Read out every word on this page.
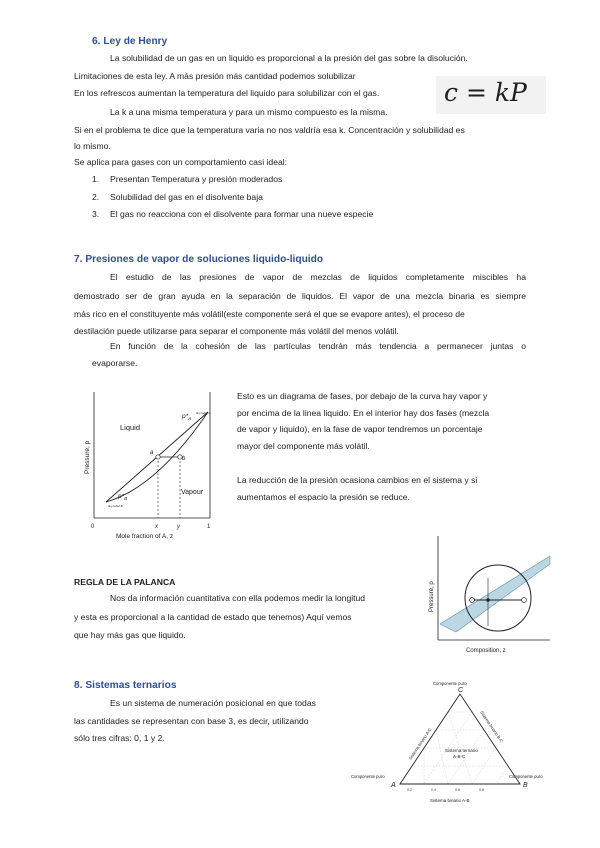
6. Ley de Henry
La solubilidad de un gas en un liquido es proporcional a la presión del gas sobre la disolución.
Limitaciones de esta ley. A más presión más cantidad podemos solubilizar
En los refrescos aumentan la temperatura del liquido para solubilizar con el gas.
La k a una misma temperatura y para un mismo compuesto es la misma.
Si en el problema te dice que la temperatura varia no nos valdría esa k. Concentración y solubilidad es
lo mismo.
Se aplica para gases con un comportamiento casi ideal:
1. Presentan Temperatura y presión moderados
2. Solubilidad del gas en el disolvente baja
3. El gas no reacciona con el disolvente para formar una nueve especie
c = kP
7. Presiones de vapor de soluciones liquido-liquido
El estudio de las presiones de vapor de mezclas de liquidos completamente miscibles ha
demostrado ser de gran ayuda en la separación de liquidos. El vapor de una mezcla binaria es siempre
más rico en el constituyente más volátil(este componente será el que se evapore antes), el proceso de
destilación puede utilizarse para separar el componente más volátil del menos volátil.
En función de la cohesión de las partículas tendrán más tendencia a permanecer juntas o
evaporarse.
Liquid
Vapour
a
b
$p*_A$
tiny label A
$p*_B$
tiny label B
0	1
x	y
Mole fraction of A, z
Pressure, p
Esto es un diagrama de fases, por debajo de la curva hay vapor y
por encima de la linea liquido. En el interior hay dos fases (mezcla
de vapor y liquido), en la fase de vapor tendremos un porcentaje
mayor del componente más volátil.
La reducción de la presión ocasiona cambios en el sistema y si
aumentamos el espacio la presión se reduce.
REGLA DE LA PALANCA
Nos da información cuantitativa con ella podemos medir la longitud
y esta es proporcional a la cantidad de estado que tenemos) Aquí vemos
que hay más gas que liquido.
Pressure, p
Composition, z
8. Sistemas ternarios
Es un sistema de numeración posicional en que todas
las cantidades se representan con base 3, es decir, utilizando
sólo tres cifras: 0, 1 y 2.
Componente puro
C
Componente puro
A
Componente puro
B
Sistema binario A-B
Sistema binario A-C
Sistema binario B-C
Sistema ternario
A-B-C
0.2	0.4	0.6	0.8
